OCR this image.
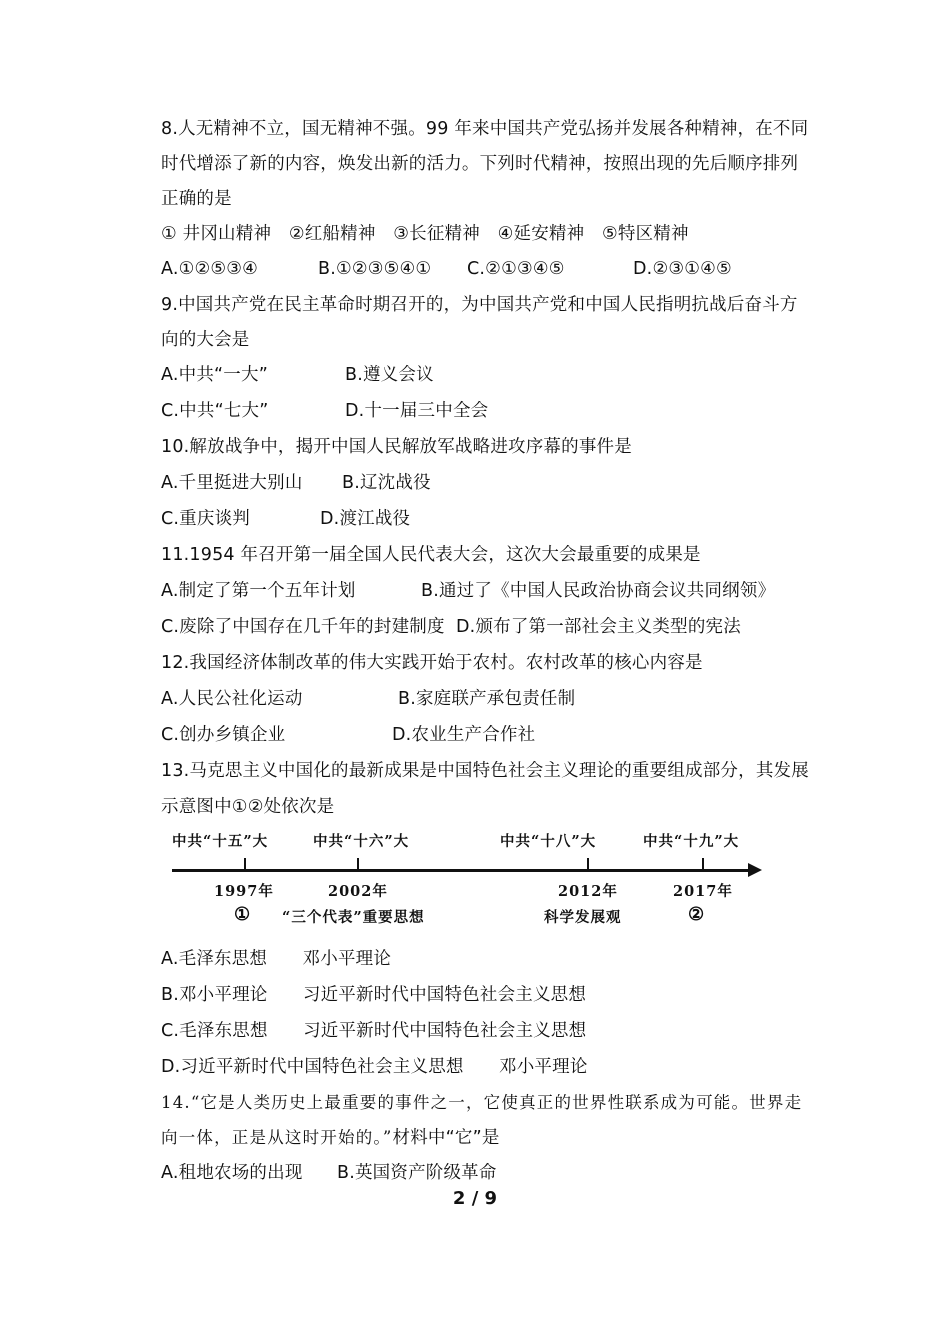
8.人无精神不立，国无精神不强。99 年来中国共产党弘扬并发展各种精神，在不同
时代增添了新的内容，焕发出新的活力。下列时代精神，按照出现的先后顺序排列
正确的是
① 井冈山精神　②红船精神　③长征精神　④延安精神　⑤特区精神
A.①②⑤③④	B.①②③⑤④① C.②①③④⑤	D.②③①④⑤
9.中国共产党在民主革命时期召开的，为中国共产党和中国人民指明抗战后奋斗方
向的大会是
A.中共“一大”	B.遵义会议
C.中共“七大”	D.十一届三中全会
10.解放战争中，揭开中国人民解放军战略进攻序幕的事件是
A.千里挺进大别山 B.辽沈战役
C.重庆谈判	D.渡江战役
11.1954 年召开第一届全国人民代表大会，这次大会最重要的成果是
A.制定了第一个五年计划	B.通过了《中国人民政治协商会议共同纲领》
C.废除了中国存在几千年的封建制度 D.颁布了第一部社会主义类型的宪法
12.我国经济体制改革的伟大实践开始于农村。农村改革的核心内容是
A.人民公社化运动	B.家庭联产承包责任制
C.创办乡镇企业	D.农业生产合作社
13.马克思主义中国化的最新成果是中国特色社会主义理论的重要组成部分，其发展
示意图中①②处依次是
中共“十五”大	中共“十六”大	中共“十八”大	中共“十九”大
1997年	2002年	2012年	2017年
① “三个代表”重要思想	科学发展观	②
A.毛泽东思想　　邓小平理论
B.邓小平理论　　习近平新时代中国特色社会主义思想
C.毛泽东思想　　习近平新时代中国特色社会主义思想
D.习近平新时代中国特色社会主义思想　　邓小平理论
14.“它是人类历史上最重要的事件之一，它使真正的世界性联系成为可能。世界走
向一体，正是从这时开始的。”材料中“它”是
A.租地农场的出现 B.英国资产阶级革命
2 / 9
